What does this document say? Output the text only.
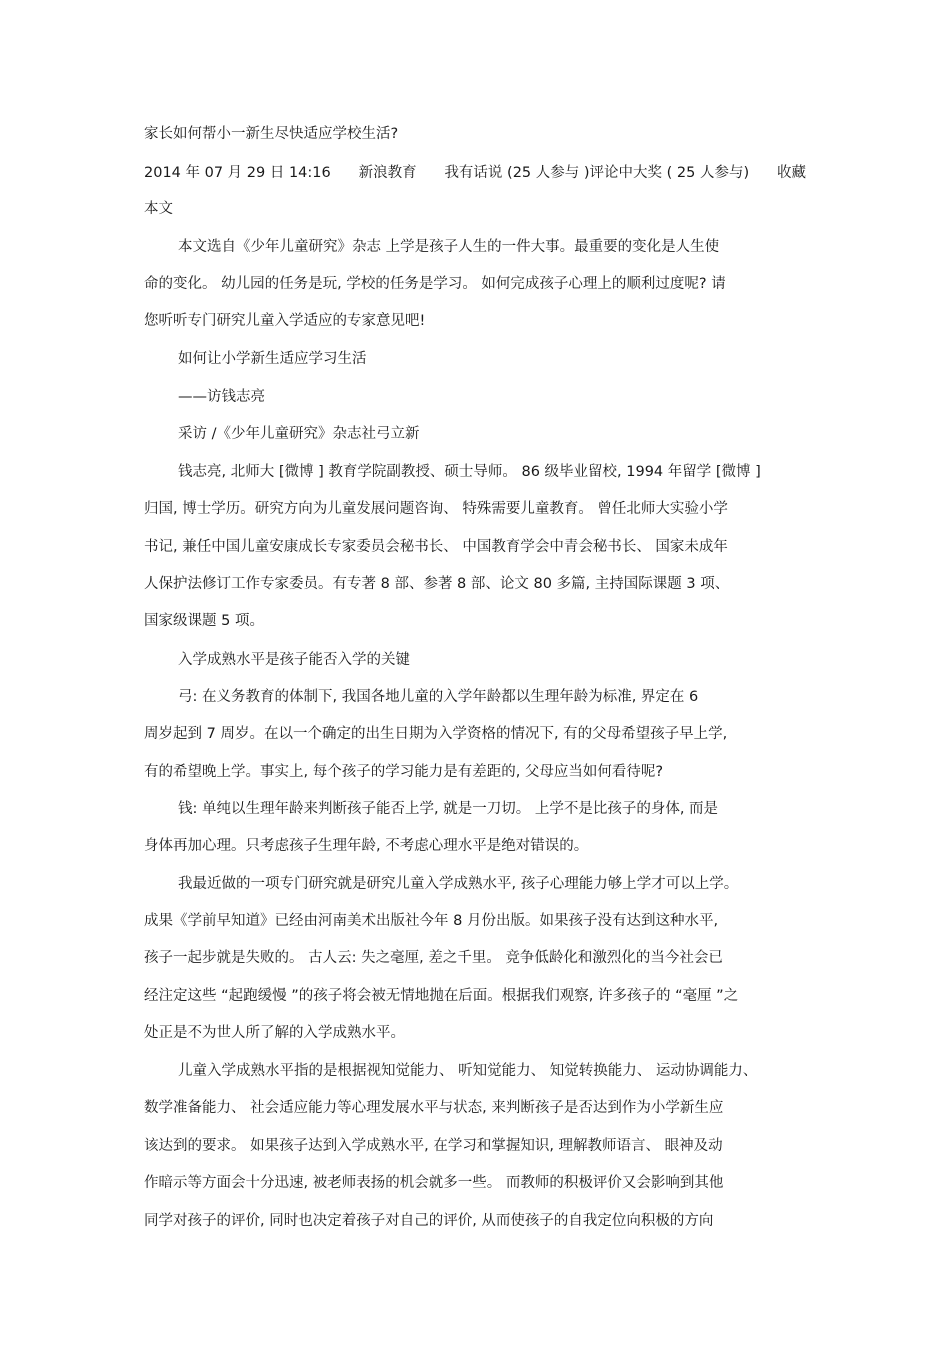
家长如何帮小一新生尽快适应学校生活?
2014 年 07 月 29 日 14:16 新浪教育 我有话说 (25 人参与 )评论中大奖 ( 25 人参与) 收藏
本文
本文选自《少年儿童研究》杂志 上学是孩子人生的一件大事。最重要的变化是人生使
命的变化。 幼儿园的任务是玩, 学校的任务是学习。 如何完成孩子心理上的顺利过度呢? 请
您听听专门研究儿童入学适应的专家意见吧!
如何让小学新生适应学习生活
——访钱志亮
采访 /《少年儿童研究》杂志社弓立新
钱志亮, 北师大 [微博 ] 教育学院副教授、硕士导师。 86 级毕业留校, 1994 年留学 [微博 ]
归国, 博士学历。研究方向为儿童发展问题咨询、 特殊需要儿童教育。 曾任北师大实验小学
书记, 兼任中国儿童安康成长专家委员会秘书长、 中国教育学会中青会秘书长、 国家未成年
人保护法修订工作专家委员。有专著 8 部、参著 8 部、论文 80 多篇, 主持国际课题 3 项、
国家级课题 5 项。
入学成熟水平是孩子能否入学的关键
弓: 在义务教育的体制下, 我国各地儿童的入学年龄都以生理年龄为标准, 界定在 6
周岁起到 7 周岁。在以一个确定的出生日期为入学资格的情况下, 有的父母希望孩子早上学,
有的希望晚上学。事实上, 每个孩子的学习能力是有差距的, 父母应当如何看待呢?
钱: 单纯以生理年龄来判断孩子能否上学, 就是一刀切。 上学不是比孩子的身体, 而是
身体再加心理。只考虑孩子生理年龄, 不考虑心理水平是绝对错误的。
我最近做的一项专门研究就是研究儿童入学成熟水平, 孩子心理能力够上学才可以上学。
成果《学前早知道》已经由河南美术出版社今年 8 月份出版。如果孩子没有达到这种水平,
孩子一起步就是失败的。 古人云: 失之毫厘, 差之千里。 竞争低龄化和激烈化的当今社会已
经注定这些 “起跑缓慢 ”的孩子将会被无情地抛在后面。根据我们观察, 许多孩子的 “毫厘 ”之
处正是不为世人所了解的入学成熟水平。
儿童入学成熟水平指的是根据视知觉能力、 听知觉能力、 知觉转换能力、 运动协调能力、
数学准备能力、 社会适应能力等心理发展水平与状态, 来判断孩子是否达到作为小学新生应
该达到的要求。 如果孩子达到入学成熟水平, 在学习和掌握知识, 理解教师语言、 眼神及动
作暗示等方面会十分迅速, 被老师表扬的机会就多一些。 而教师的积极评价又会影响到其他
同学对孩子的评价, 同时也决定着孩子对自己的评价, 从而使孩子的自我定位向积极的方向
